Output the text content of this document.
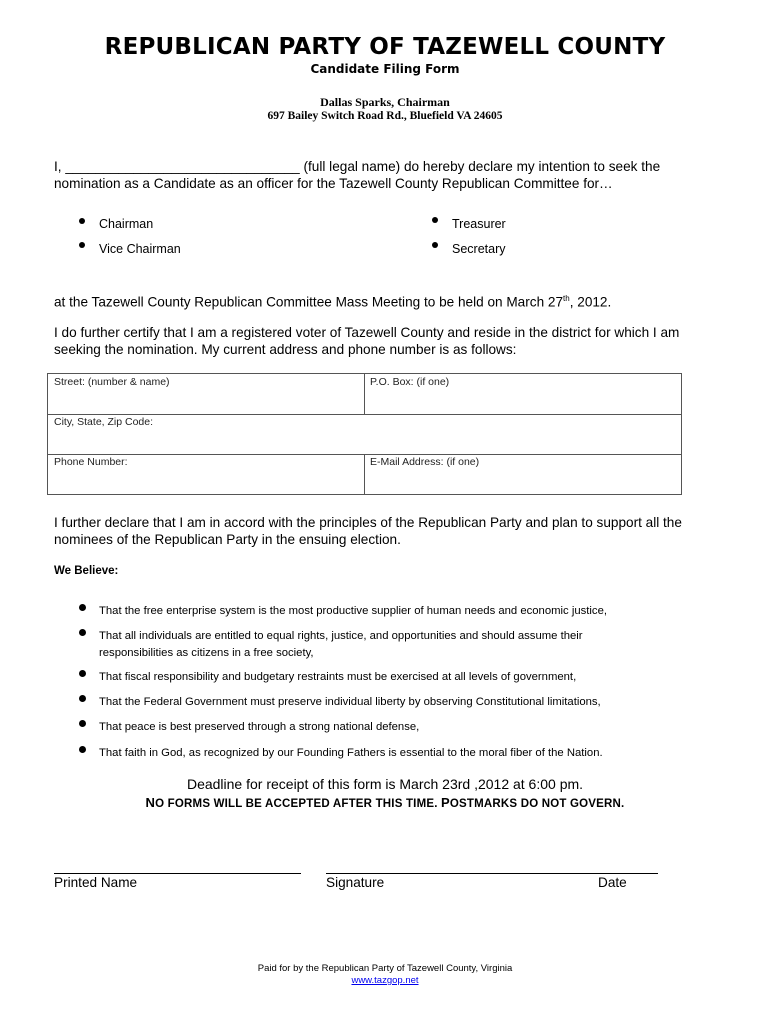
REPUBLICAN PARTY OF TAZEWELL COUNTY
Candidate Filing Form
Dallas Sparks, Chairman
697 Bailey Switch Road Rd., Bluefield VA 24605
I, _______________________________ (full legal name) do hereby declare my intention to seek the
nomination as a Candidate as an officer for the Tazewell County Republican Committee for…
Chairman
Vice Chairman
Treasurer
Secretary
at the Tazewell County Republican Committee Mass Meeting to be held on March 27th, 2012.
I do further certify that I am a registered voter of Tazewell County and reside in the district for which I am
seeking the nomination. My current address and phone number is as follows:
Street: (number & name)	P.O. Box: (if one)
City, State, Zip Code:
Phone Number:	E-Mail Address: (if one)
I further declare that I am in accord with the principles of the Republican Party and plan to support all the
nominees of the Republican Party in the ensuing election.
We Believe:
That the free enterprise system is the most productive supplier of human needs and economic justice,
That all individuals are entitled to equal rights, justice, and opportunities and should assume their
responsibilities as citizens in a free society,
That fiscal responsibility and budgetary restraints must be exercised at all levels of government,
That the Federal Government must preserve individual liberty by observing Constitutional limitations,
That peace is best preserved through a strong national defense,
That faith in God, as recognized by our Founding Fathers is essential to the moral fiber of the Nation.
Deadline for receipt of this form is March 23rd ,2012 at 6:00 pm.
NO FORMS WILL BE ACCEPTED AFTER THIS TIME. POSTMARKS DO NOT GOVERN.
Printed Name	Signature	Date
Paid for by the Republican Party of Tazewell County, Virginia
www.tazgop.net
